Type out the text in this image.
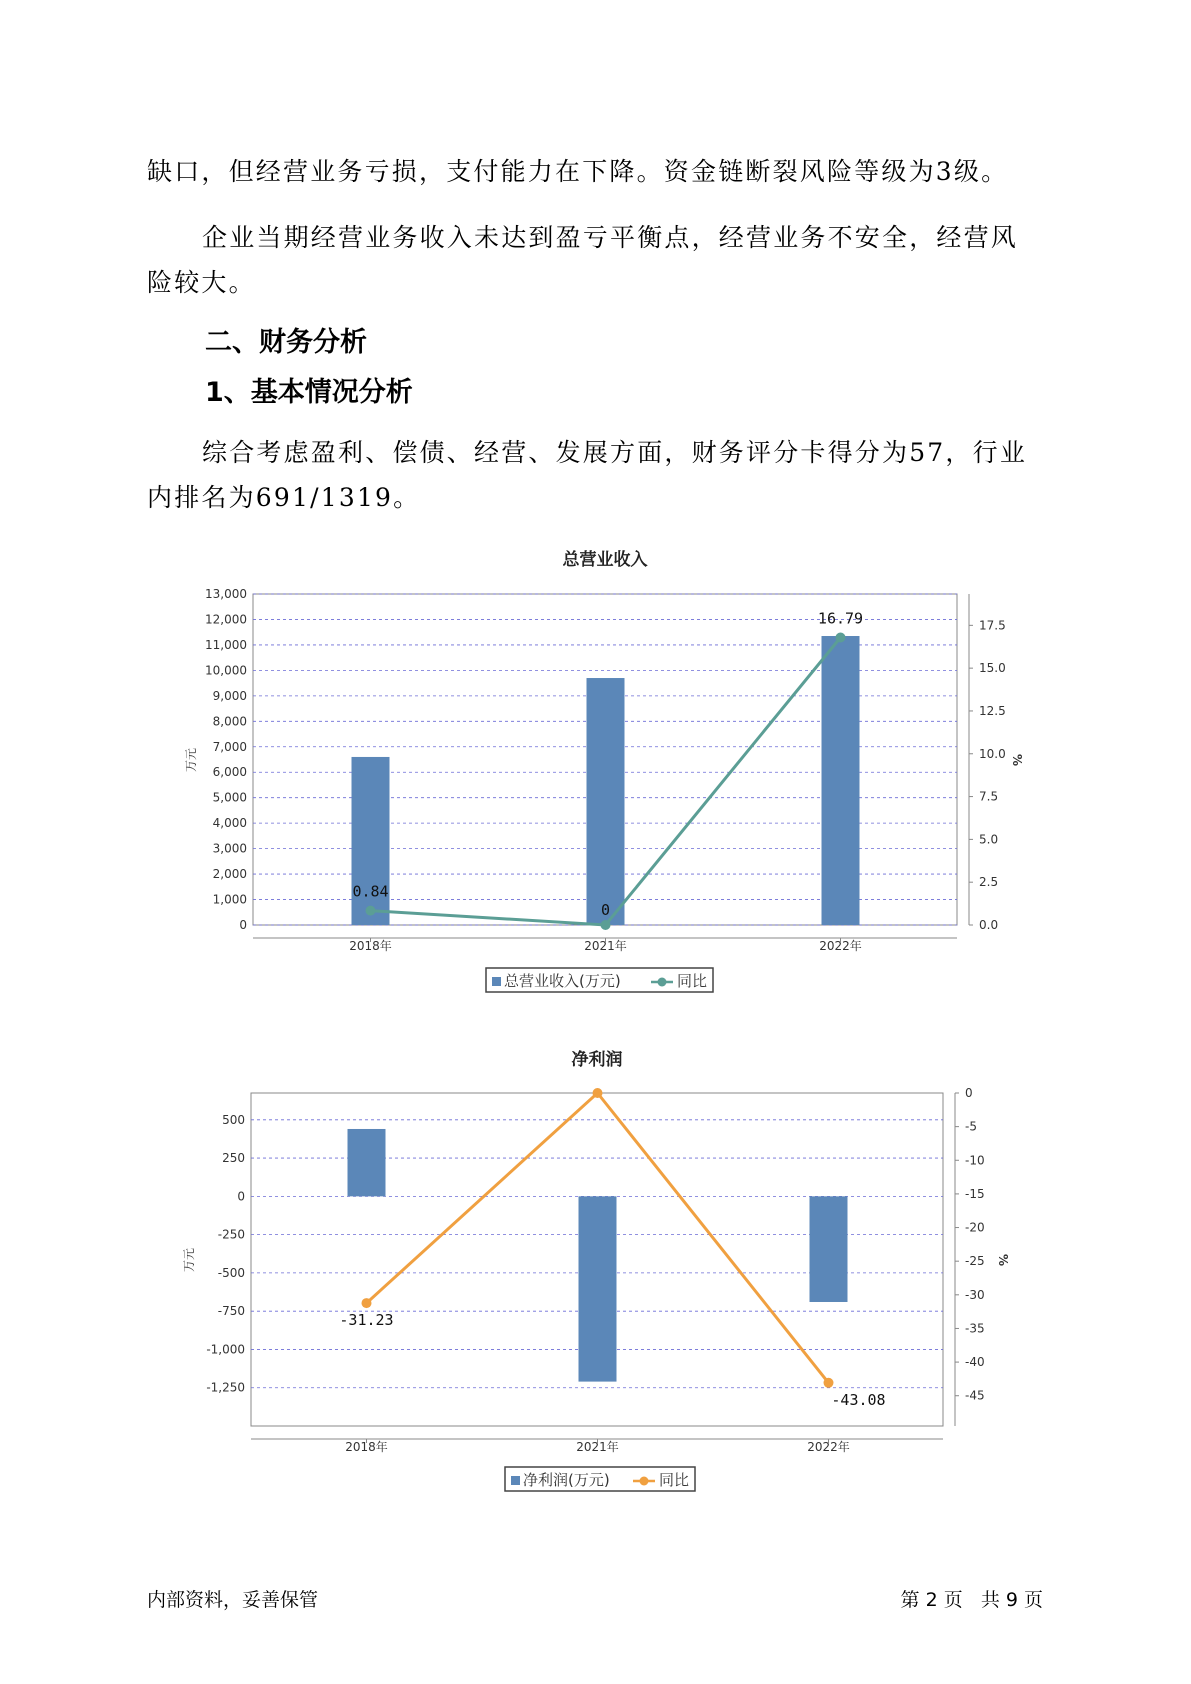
缺口，但经营业务亏损，支付能力在下降。资金链断裂风险等级为3级。

企业当期经营业务收入未达到盈亏平衡点，经营业务不安全，经营风

险较大。

二、财务分析
1、基本情况分析

综合考虑盈利、偿债、经营、发展方面，财务评分卡得分为57，行业

内排名为691/1319。

总营业收入
0
1,000
2,000
3,000
4,000
5,000
6,000
7,000
8,000
9,000
10,000
11,000
12,000
13,000
0.0
2.5
5.0
7.5
10.0
12.5
15.0
17.5
万元	%
2018年	2021年	2022年
0.84
0
16.79
总营业收入(万元)	同比
净利润
-1,250
-1,000
-750
-500
-250
0
250
500
0
-5
-10
-15
-20
-25
-30
-35
-40
-45
万元	%
2018年	2021年	2022年
-31.23
-43.08
净利润(万元)	同比
内部资料，妥善保管	第 2 页   共 9 页
